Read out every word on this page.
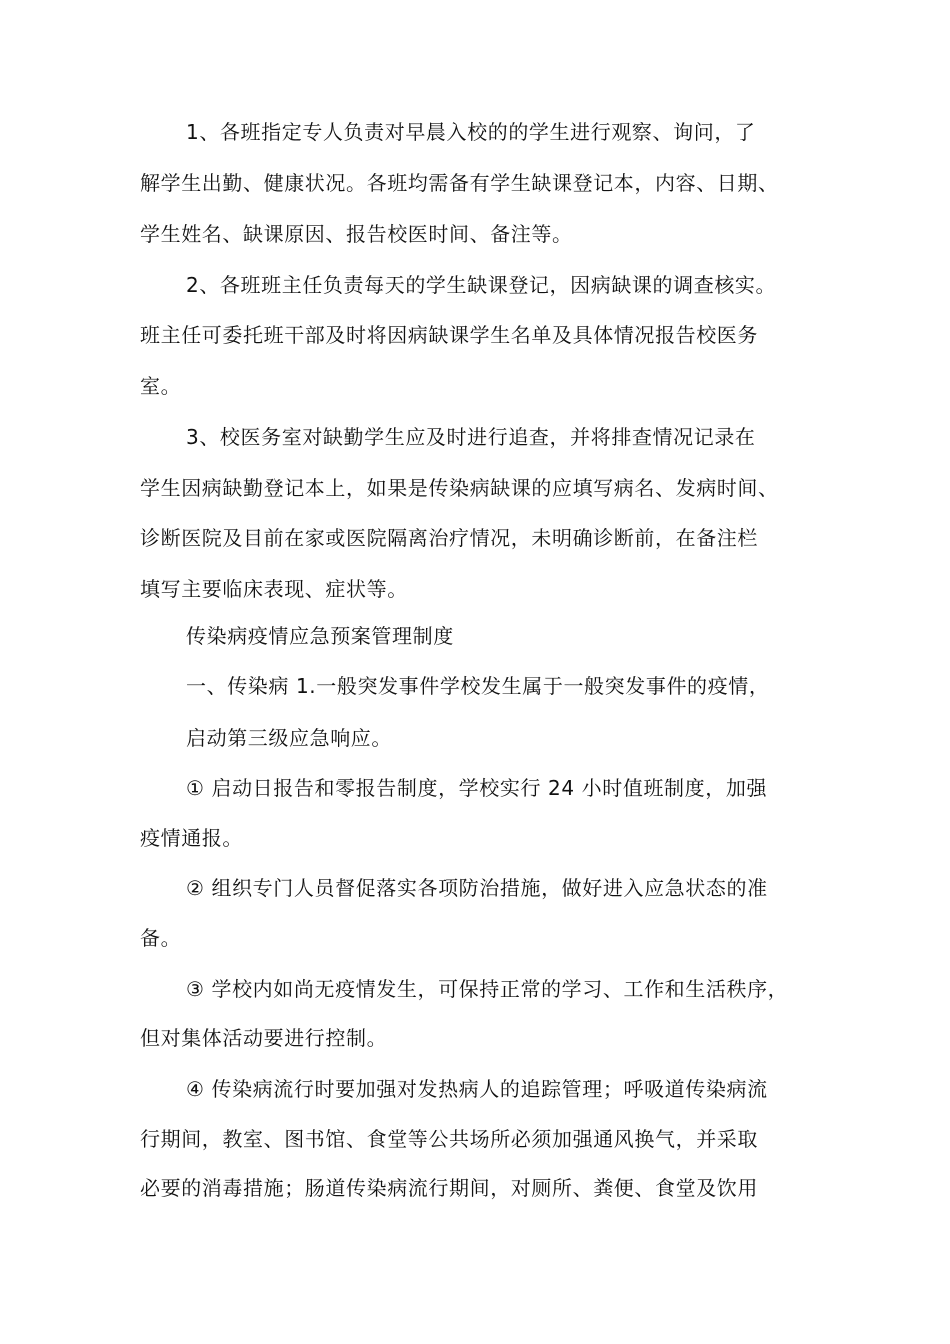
1、各班指定专人负责对早晨入校的的学生进行观察、询问，了
解学生出勤、健康状况。各班均需备有学生缺课登记本，内容、日期、
学生姓名、缺课原因、报告校医时间、备注等。
2、各班班主任负责每天的学生缺课登记，因病缺课的调查核实。
班主任可委托班干部及时将因病缺课学生名单及具体情况报告校医务
室。
3、校医务室对缺勤学生应及时进行追查，并将排查情况记录在
学生因病缺勤登记本上，如果是传染病缺课的应填写病名、发病时间、
诊断医院及目前在家或医院隔离治疗情况，未明确诊断前，在备注栏
填写主要临床表现、症状等。
传染病疫情应急预案管理制度
一、传染病 1.一般突发事件学校发生属于一般突发事件的疫情，
启动第三级应急响应。
① 启动日报告和零报告制度，学校实行 24 小时值班制度，加强
疫情通报。
② 组织专门人员督促落实各项防治措施，做好进入应急状态的准
备。
③ 学校内如尚无疫情发生，可保持正常的学习、工作和生活秩序，
但对集体活动要进行控制。
④ 传染病流行时要加强对发热病人的追踪管理；呼吸道传染病流
行期间，教室、图书馆、食堂等公共场所必须加强通风换气，并采取
必要的消毒措施；肠道传染病流行期间，对厕所、粪便、食堂及饮用
